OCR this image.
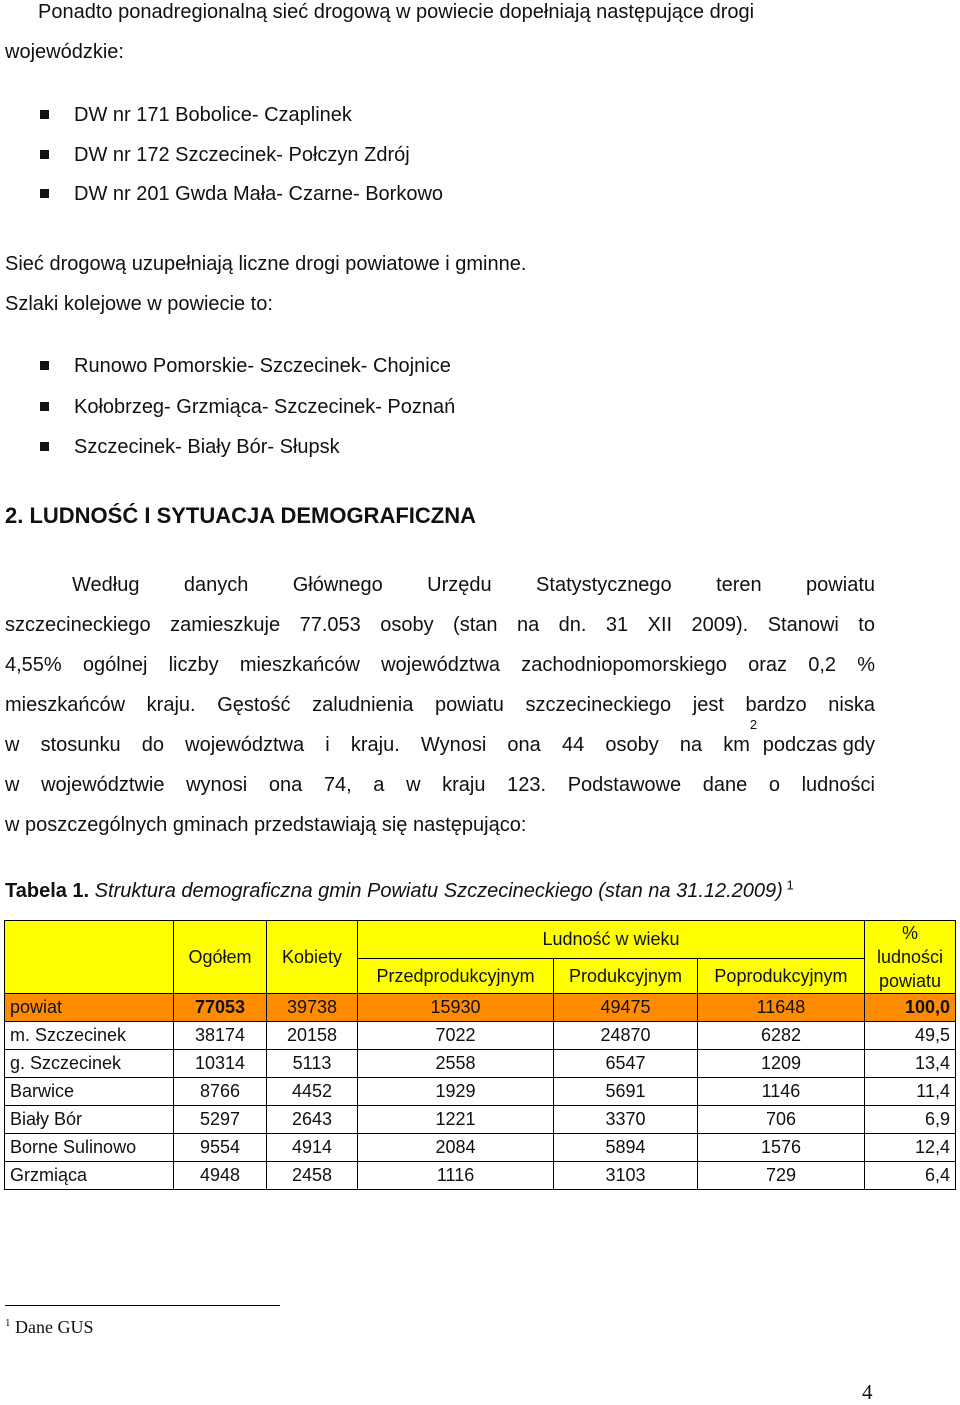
Ponadto ponadregionalną sieć drogową w powiecie dopełniają następujące drogi

wojewódzkie:

DW nr 171 Bobolice- Czaplinek
DW nr 172 Szczecinek- Połczyn Zdrój
DW nr 201 Gwda Mała- Czarne- Borkowo

Sieć drogową uzupełniają liczne drogi powiatowe i gminne.

Szlaki kolejowe w powiecie to:

Runowo Pomorskie- Szczecinek- Chojnice
Kołobrzeg- Grzmiąca- Szczecinek- Poznań
Szczecinek- Biały Bór- Słupsk
2. LUDNOŚĆ I SYTUACJA DEMOGRAFICZNA
Według danych Głównego Urzędu Statystycznego teren powiatu
szczecineckiego zamieszkuje 77.053 osoby (stan na dn. 31 XII 2009). Stanowi to
4,55% ogólnej liczby mieszkańców województwa zachodniopomorskiego oraz 0,2 %
mieszkańców kraju. Gęstość zaludnienia powiatu szczecineckiego jest bardzo niska
w stosunku do województwa i kraju. Wynosi ona 44 osoby na km
2
podczas gdy
w województwie wynosi ona 74, a w kraju 123. Podstawowe dane o ludności
w poszczególnych gminach przedstawiają się następująco:
Tabela 1. Struktura demograficzna gmin Powiatu Szczecineckiego (stan na 31.12.2009) $^1$
	Ogółem	Kobiety	Ludność w wieku			%
ludności
powiatu

			Przedprodukcyjnym	Produkcyjnym	Poprodukcyjnym	
powiat	77053	39738	15930	49475	11648	100,0
m. Szczecinek	38174	20158	7022	24870	6282	49,5
g. Szczecinek	10314	5113	2558	6547	1209	13,4
Barwice	8766	4452	1929	5691	1146	11,4
Biały Bór	5297	2643	1221	3370	706	6,9
Borne Sulinowo	9554	4914	2084	5894	1576	12,4
Grzmiąca	4948	2458	1116	3103	729	6,4
$^1$ Dane GUS
4
